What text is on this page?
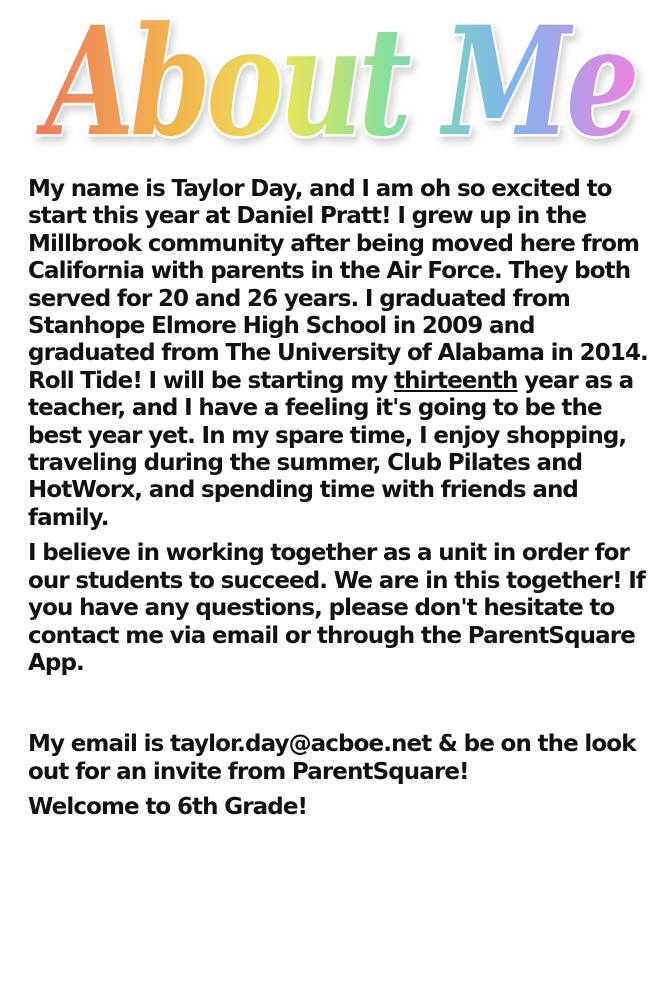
About Me

My name is Taylor Day, and I am oh so excited to start this year at Daniel Pratt! I grew up in the Millbrook community after being moved here from California with parents in the Air Force. They both served for 20 and 26 years. I graduated from Stanhope Elmore High School in 2009 and graduated from The University of Alabama in 2014. Roll Tide! I will be starting my thirteenth year as a teacher, and I have a feeling it's going to be the best year yet. In my spare time, I enjoy shopping, traveling during the summer, Club Pilates and HotWorx, and spending time with friends and family.

I believe in working together as a unit in order for our students to succeed. We are in this together! If you have any questions, please don't hesitate to contact me via email or through the ParentSquare App.

My email is taylor.day@acboe.net & be on the look out for an invite from ParentSquare!

Welcome to 6th Grade!
